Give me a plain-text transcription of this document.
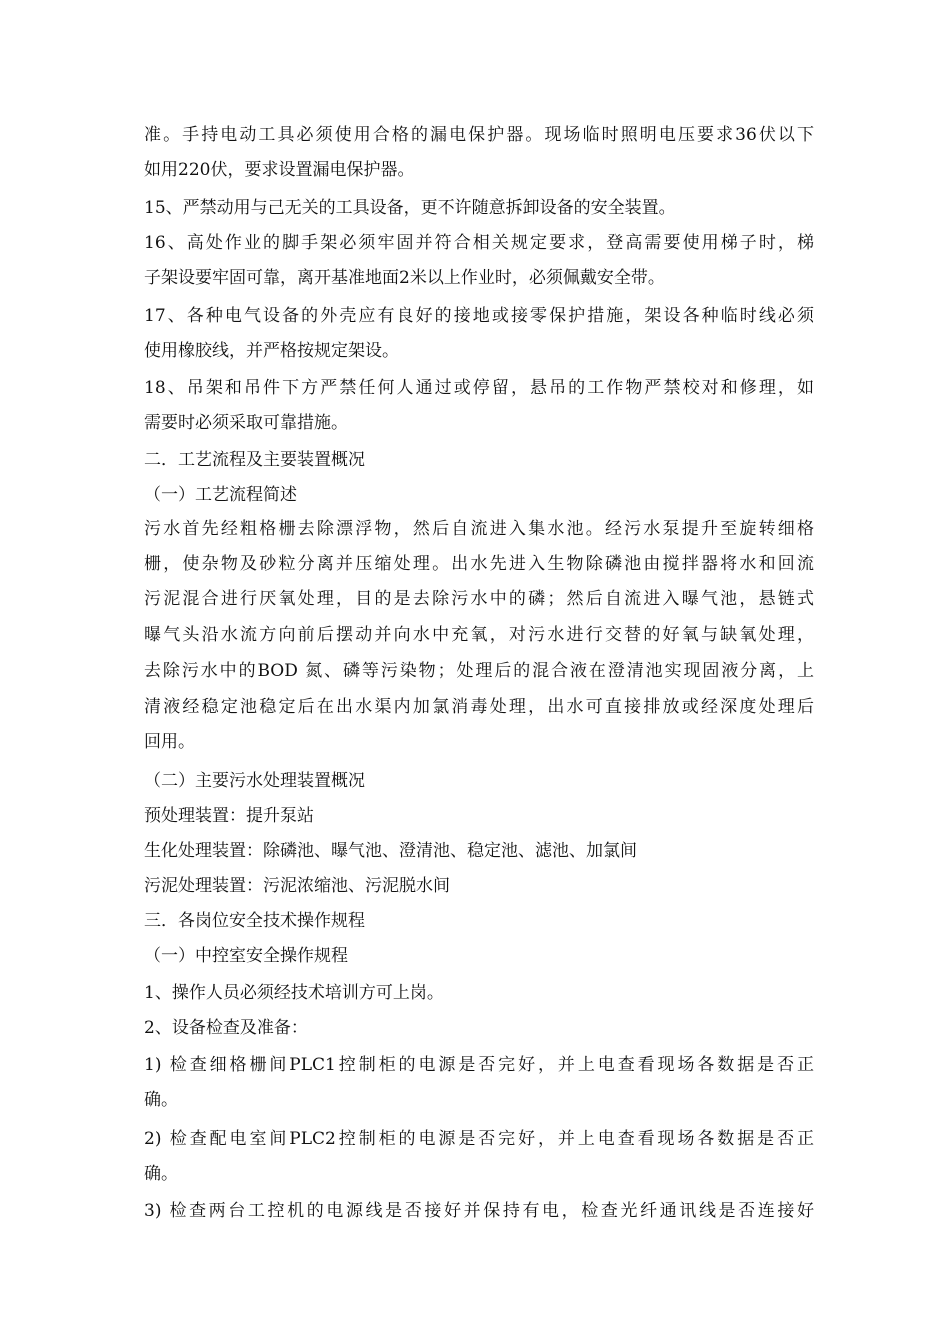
准。手持电动工具必须使用合格的漏电保护器。现场临时照明电压要求36伏以下
如用220伏，要求设置漏电保护器。
15、严禁动用与己无关的工具设备，更不许随意拆卸设备的安全装置。
16、高处作业的脚手架必须牢固并符合相关规定要求，登高需要使用梯子时，梯
子架设要牢固可靠，离开基准地面2米以上作业时，必须佩戴安全带。
17、各种电气设备的外壳应有良好的接地或接零保护措施，架设各种临时线必须
使用橡胶线，并严格按规定架设。
18、吊架和吊件下方严禁任何人通过或停留，悬吊的工作物严禁校对和修理，如
需要时必须采取可靠措施。
二．工艺流程及主要装置概况
（一）工艺流程简述
污水首先经粗格栅去除漂浮物，然后自流进入集水池。经污水泵提升至旋转细格
栅，使杂物及砂粒分离并压缩处理。出水先进入生物除磷池由搅拌器将水和回流
污泥混合进行厌氧处理，目的是去除污水中的磷；然后自流进入曝气池，悬链式
曝气头沿水流方向前后摆动并向水中充氧，对污水进行交替的好氧与缺氧处理，
去除污水中的BOD 氮、磷等污染物；处理后的混合液在澄清池实现固液分离，上
清液经稳定池稳定后在出水渠内加氯消毒处理，出水可直接排放或经深度处理后
回用。
（二）主要污水处理装置概况
预处理装置：提升泵站
生化处理装置：除磷池、曝气池、澄清池、稳定池、滤池、加氯间
污泥处理装置：污泥浓缩池、污泥脱水间
三．各岗位安全技术操作规程
（一）中控室安全操作规程
1、操作人员必须经技术培训方可上岗。
2、设备检查及准备：
1) 检查细格栅间PLC1控制柜的电源是否完好，并上电查看现场各数据是否正
确。
2) 检查配电室间PLC2控制柜的电源是否完好，并上电查看现场各数据是否正
确。
3) 检查两台工控机的电源线是否接好并保持有电，检查光纤通讯线是否连接好
